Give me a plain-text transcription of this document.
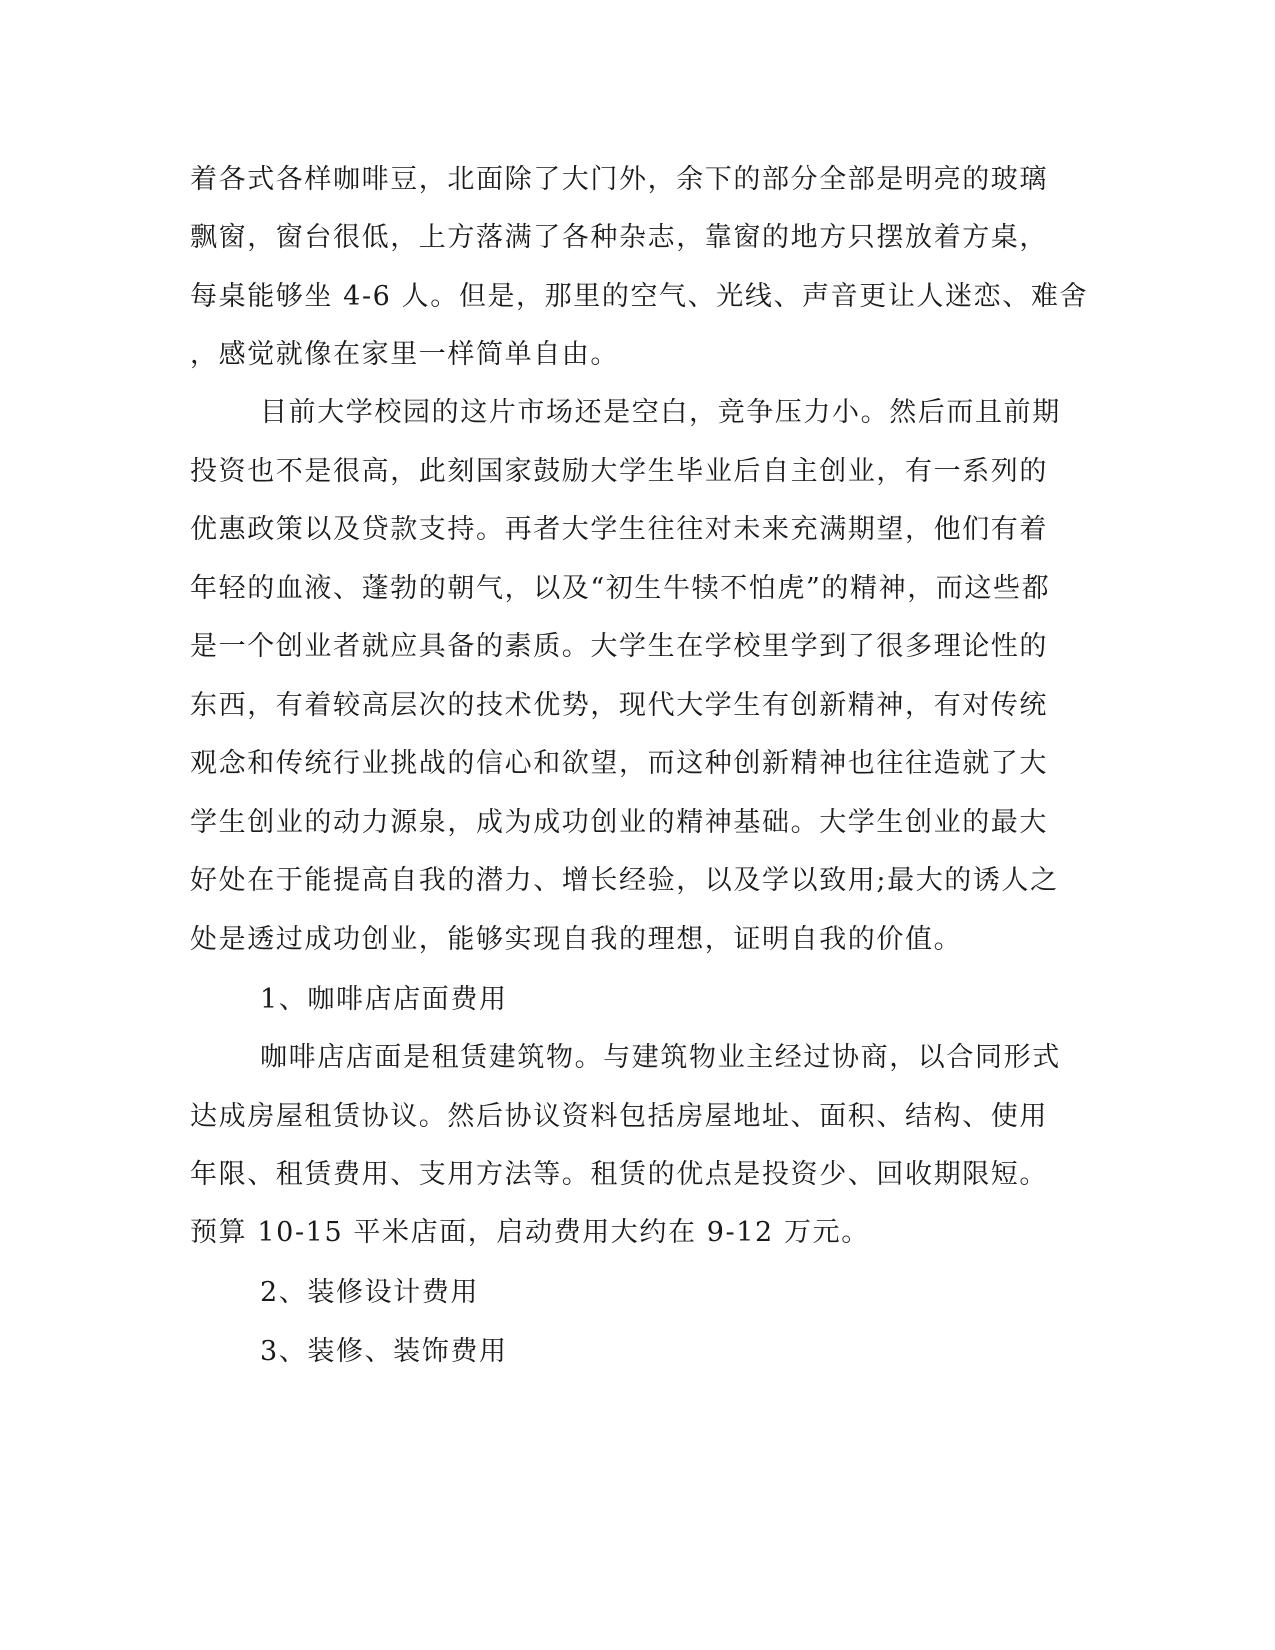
着各式各样咖啡豆，北面除了大门外，余下的部分全部是明亮的玻璃
飘窗，窗台很低，上方落满了各种杂志，靠窗的地方只摆放着方桌，
每桌能够坐 4-6 人。但是，那里的空气、光线、声音更让人迷恋、难舍
，感觉就像在家里一样简单自由。
目前大学校园的这片市场还是空白，竞争压力小。然后而且前期
投资也不是很高，此刻国家鼓励大学生毕业后自主创业，有一系列的
优惠政策以及贷款支持。再者大学生往往对未来充满期望，他们有着
年轻的血液、蓬勃的朝气，以及“初生牛犊不怕虎”的精神，而这些都
是一个创业者就应具备的素质。大学生在学校里学到了很多理论性的
东西，有着较高层次的技术优势，现代大学生有创新精神，有对传统
观念和传统行业挑战的信心和欲望，而这种创新精神也往往造就了大
学生创业的动力源泉，成为成功创业的精神基础。大学生创业的最大
好处在于能提高自我的潜力、增长经验，以及学以致用;最大的诱人之
处是透过成功创业，能够实现自我的理想，证明自我的价值。
1、咖啡店店面费用
咖啡店店面是租赁建筑物。与建筑物业主经过协商，以合同形式
达成房屋租赁协议。然后协议资料包括房屋地址、面积、结构、使用
年限、租赁费用、支用方法等。租赁的优点是投资少、回收期限短。
预算 10-15 平米店面，启动费用大约在 9-12 万元。
2、装修设计费用
3、装修、装饰费用
